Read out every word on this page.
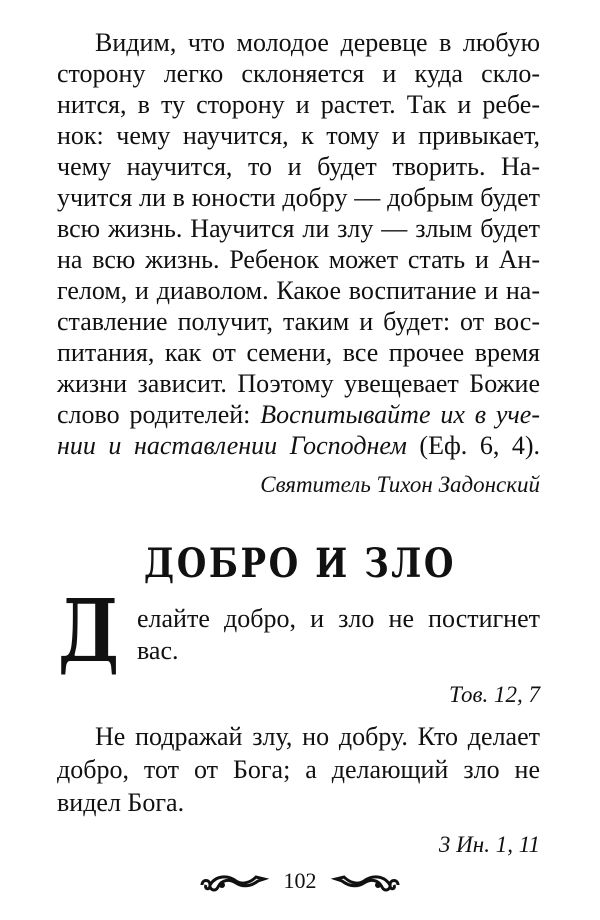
Видим, что молодое деревце в любую
сторону легко склоняется и куда скло-
нится, в ту сторону и растет. Так и ребе-
нок: чему научится, к тому и привыкает,
чему научится, то и будет творить. На-
учится ли в юности добру — добрым будет
всю жизнь. Научится ли злу — злым будет
на всю жизнь. Ребенок может стать и Ан-
гелом, и диаволом. Какое воспитание и на-
ставление получит, таким и будет: от вос-
питания, как от семени, все прочее время
жизни зависит. Поэтому увещевает Божие
слово родителей: Воспитывайте их в уче-
нии и наставлении Господнем (Еф. 6, 4).
Святитель Тихон Задонский
ДОБРО И ЗЛО
Д елайте добро, и зло не постигнет
вас.
Тов. 12, 7
Не подражай злу, но добру. Кто делает
добро, тот от Бога; а делающий зло не
видел Бога.
3 Ин. 1, 11
102
